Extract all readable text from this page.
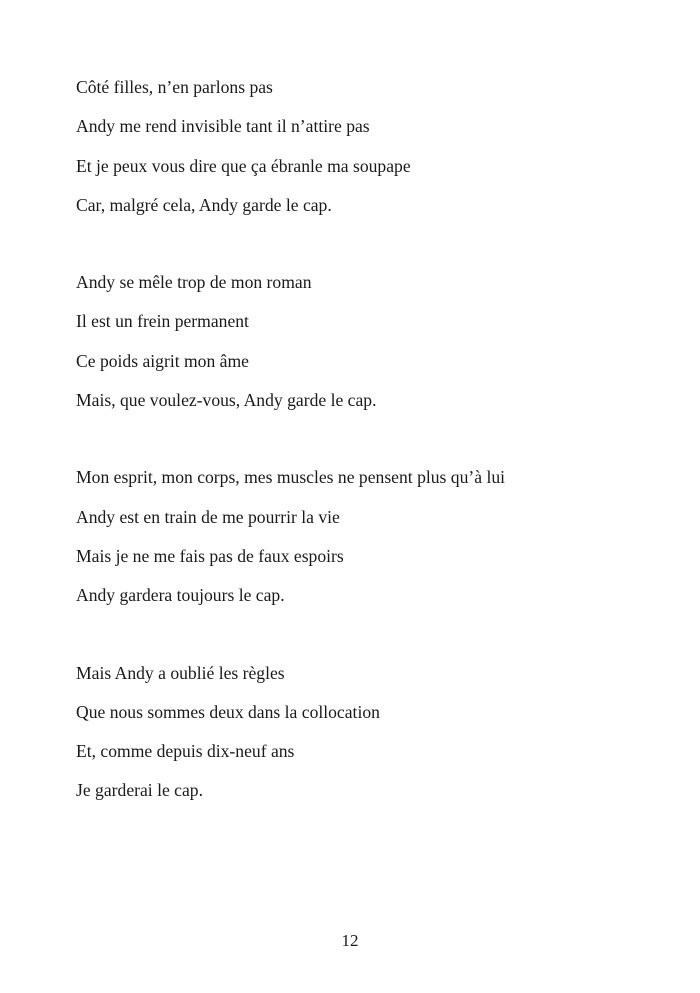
Côté filles, n’en parlons pas
Andy me rend invisible tant il n’attire pas
Et je peux vous dire que ça ébranle ma soupape
Car, malgré cela, Andy garde le cap.
Andy se mêle trop de mon roman
Il est un frein permanent
Ce poids aigrit mon âme
Mais, que voulez-vous, Andy garde le cap.
Mon esprit, mon corps, mes muscles ne pensent plus qu’à lui
Andy est en train de me pourrir la vie
Mais je ne me fais pas de faux espoirs
Andy gardera toujours le cap.
Mais Andy a oublié les règles
Que nous sommes deux dans la collocation
Et, comme depuis dix-neuf ans
Je garderai le cap.
12
